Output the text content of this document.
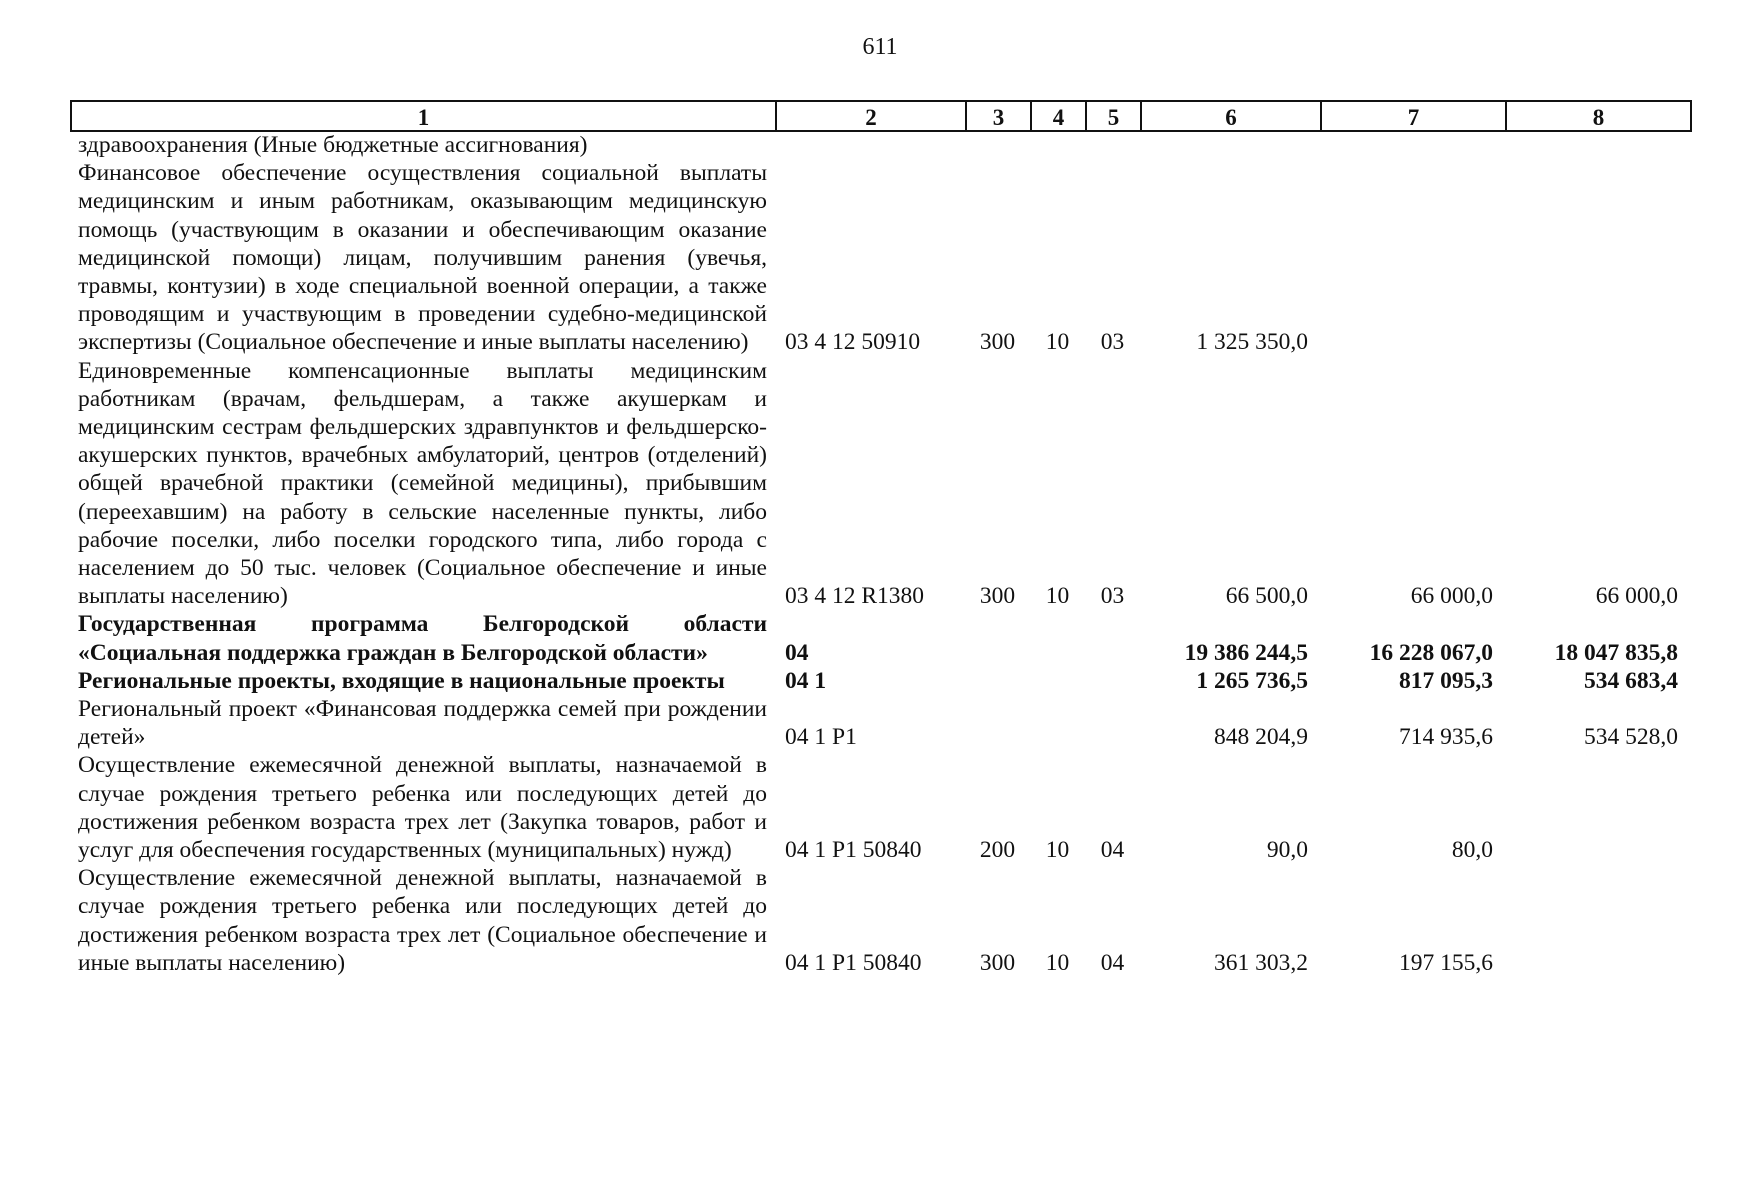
611
1	2	3	4	5	6	7	8
здравоохранения (Иные бюджетные ассигнования)							
Финансовое обеспечение осуществления социальной выплаты медицинским и иным работникам, оказывающим медицинскую помощь (участвующим в оказании и обеспечивающим оказание медицинской помощи) лицам, получившим ранения (увечья, травмы, контузии) в ходе специальной военной операции, а также проводящим и участвующим в проведении судебно-медицинской экспертизы (Социальное обеспечение и иные выплаты населению)	03 4 12 50910	300	10	03	1 325 350,0		
Единовременные компенсационные выплаты медицинским работникам (врачам, фельдшерам, а также акушеркам и медицинским сестрам фельдшерских здравпунктов и фельдшерско-акушерских пунктов, врачебных амбулаторий, центров (отделений) общей врачебной практики (семейной медицины), прибывшим (переехавшим) на работу в сельские населенные пункты, либо рабочие поселки, либо поселки городского типа, либо города с населением до 50 тыс. человек (Социальное обеспечение и иные выплаты населению)	03 4 12 R1380	300	10	03	66 500,0	66 000,0	66 000,0
Государственная программа Белгородской области «Социальная поддержка граждан в Белгородской области»	04				19 386 244,5	16 228 067,0	18 047 835,8
Региональные проекты, входящие в национальные проекты	04 1				1 265 736,5	817 095,3	534 683,4
Региональный проект «Финансовая поддержка семей при рождении детей»	04 1 P1				848 204,9	714 935,6	534 528,0
Осуществление ежемесячной денежной выплаты, назначаемой в случае рождения третьего ребенка или последующих детей до достижения ребенком возраста трех лет (Закупка товаров, работ и услуг для обеспечения государственных (муниципальных) нужд)	04 1 P1 50840	200	10	04	90,0	80,0	
Осуществление ежемесячной денежной выплаты, назначаемой в случае рождения третьего ребенка или последующих детей до достижения ребенком возраста трех лет (Социальное обеспечение и иные выплаты населению)	04 1 P1 50840	300	10	04	361 303,2	197 155,6	
